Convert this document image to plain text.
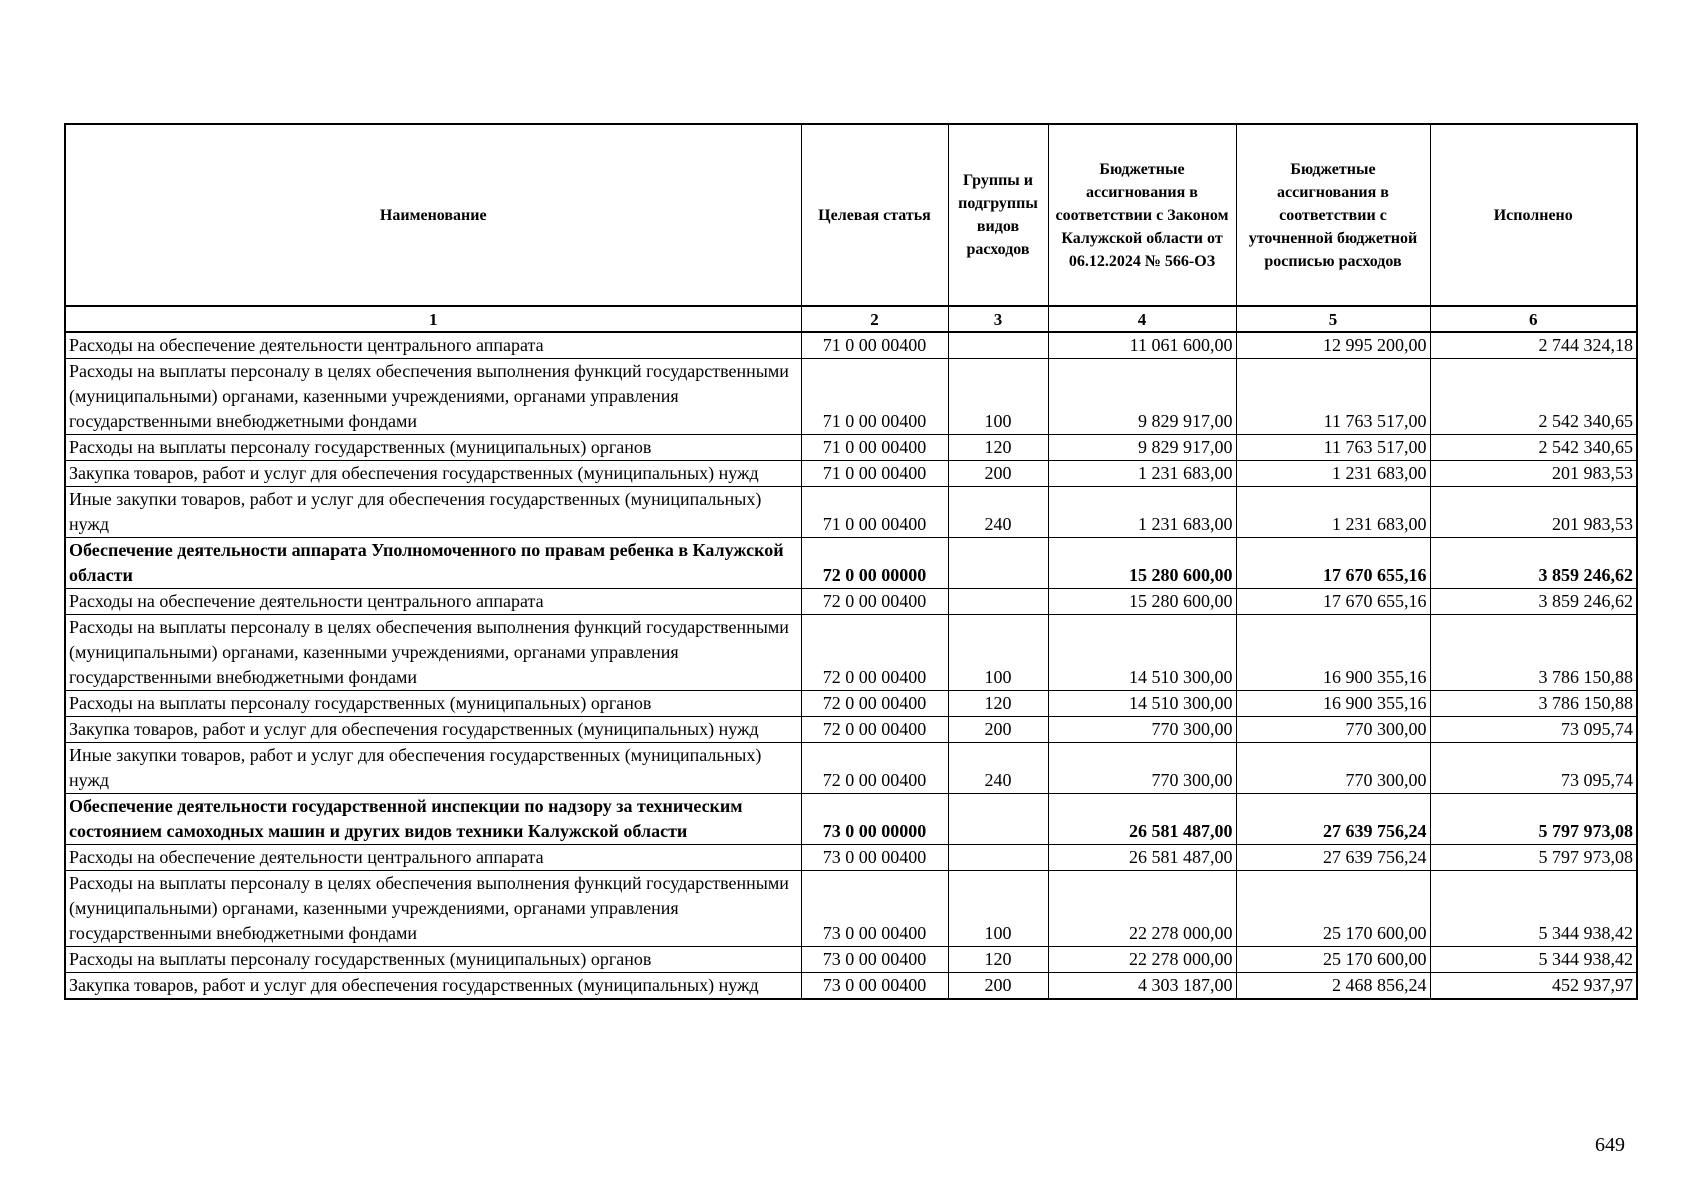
Наименование	Целевая статья	Группы и подгруппы видов расходов	Бюджетные ассигнования в соответствии с Законом Калужской области от 06.12.2024 № 566-ОЗ	Бюджетные ассигнования в соответствии с уточненной бюджетной росписью расходов	Исполнено
1	2	3	4	5	6
Расходы на обеспечение деятельности центрального аппарата	71 0 00 00400		11 061 600,00	12 995 200,00	2 744 324,18
Расходы на выплаты персоналу в целях обеспечения выполнения функций государственными (муниципальными) органами, казенными учреждениями, органами управления государственными внебюджетными фондами	71 0 00 00400	100	9 829 917,00	11 763 517,00	2 542 340,65
Расходы на выплаты персоналу государственных (муниципальных) органов	71 0 00 00400	120	9 829 917,00	11 763 517,00	2 542 340,65
Закупка товаров, работ и услуг для обеспечения государственных (муниципальных) нужд	71 0 00 00400	200	1 231 683,00	1 231 683,00	201 983,53
Иные закупки товаров, работ и услуг для обеспечения государственных (муниципальных) нужд	71 0 00 00400	240	1 231 683,00	1 231 683,00	201 983,53
Обеспечение деятельности аппарата Уполномоченного по правам ребенка в Калужской области	72 0 00 00000		15 280 600,00	17 670 655,16	3 859 246,62
Расходы на обеспечение деятельности центрального аппарата	72 0 00 00400		15 280 600,00	17 670 655,16	3 859 246,62
Расходы на выплаты персоналу в целях обеспечения выполнения функций государственными (муниципальными) органами, казенными учреждениями, органами управления государственными внебюджетными фондами	72 0 00 00400	100	14 510 300,00	16 900 355,16	3 786 150,88
Расходы на выплаты персоналу государственных (муниципальных) органов	72 0 00 00400	120	14 510 300,00	16 900 355,16	3 786 150,88
Закупка товаров, работ и услуг для обеспечения государственных (муниципальных) нужд	72 0 00 00400	200	770 300,00	770 300,00	73 095,74
Иные закупки товаров, работ и услуг для обеспечения государственных (муниципальных) нужд	72 0 00 00400	240	770 300,00	770 300,00	73 095,74
Обеспечение деятельности государственной инспекции по надзору за техническим состоянием самоходных машин и других видов техники Калужской области	73 0 00 00000		26 581 487,00	27 639 756,24	5 797 973,08
Расходы на обеспечение деятельности центрального аппарата	73 0 00 00400		26 581 487,00	27 639 756,24	5 797 973,08
Расходы на выплаты персоналу в целях обеспечения выполнения функций государственными (муниципальными) органами, казенными учреждениями, органами управления государственными внебюджетными фондами	73 0 00 00400	100	22 278 000,00	25 170 600,00	5 344 938,42
Расходы на выплаты персоналу государственных (муниципальных) органов	73 0 00 00400	120	22 278 000,00	25 170 600,00	5 344 938,42
Закупка товаров, работ и услуг для обеспечения государственных (муниципальных) нужд	73 0 00 00400	200	4 303 187,00	2 468 856,24	452 937,97
649
